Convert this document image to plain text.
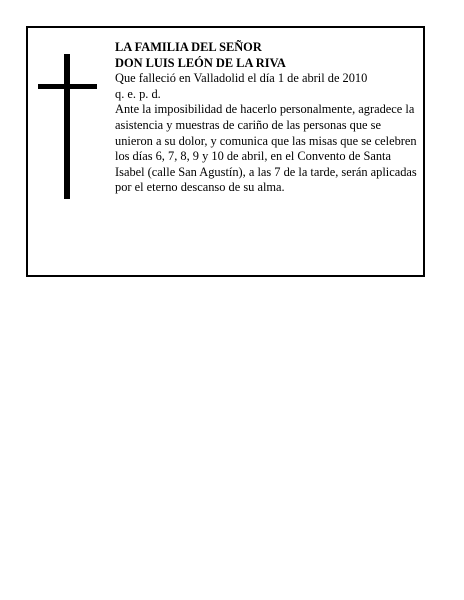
LA FAMILIA DEL SEÑOR
DON LUIS LEÓN DE LA RIVA
Que falleció en Valladolid el día 1 de abril de 2010
q. e. p. d.

Ante la imposibilidad de hacerlo personalmente, agradece la asistencia y muestras de cariño de las personas que se unieron a su dolor, y comunica que las misas que se celebren los días 6, 7, 8, 9 y 10 de abril, en el Convento de Santa Isabel (calle San Agustín), a las 7 de la tarde, serán aplicadas por el eterno descanso de su alma.
